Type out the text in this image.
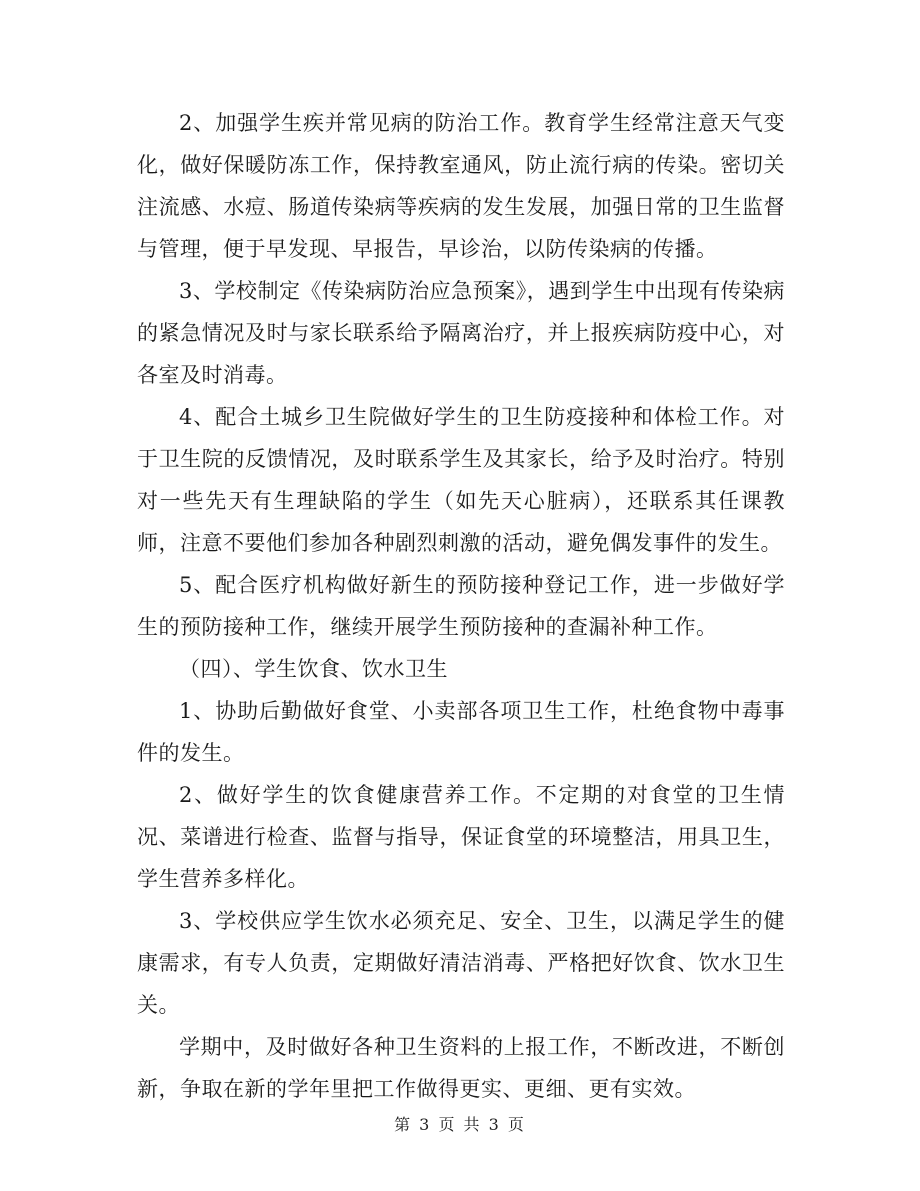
2、加强学生疾并常见病的防治工作。教育学生经常注意天气变化，做好保暖防冻工作，保持教室通风，防止流行病的传染。密切关注流感、水痘、肠道传染病等疾病的发生发展，加强日常的卫生监督与管理，便于早发现、早报告，早诊治，以防传染病的传播。

3、学校制定《传染病防治应急预案》，遇到学生中出现有传染病的紧急情况及时与家长联系给予隔离治疗，并上报疾病防疫中心，对各室及时消毒。

4、配合土城乡卫生院做好学生的卫生防疫接种和体检工作。对于卫生院的反馈情况，及时联系学生及其家长，给予及时治疗。特别对一些先天有生理缺陷的学生（如先天心脏病），还联系其任课教师，注意不要他们参加各种剧烈刺激的活动，避免偶发事件的发生。

5、配合医疗机构做好新生的预防接种登记工作，进一步做好学生的预防接种工作，继续开展学生预防接种的查漏补种工作。

（四）、学生饮食、饮水卫生

1、协助后勤做好食堂、小卖部各项卫生工作，杜绝食物中毒事件的发生。

2、做好学生的饮食健康营养工作。不定期的对食堂的卫生情况、菜谱进行检查、监督与指导，保证食堂的环境整洁，用具卫生，学生营养多样化。

3、学校供应学生饮水必须充足、安全、卫生，以满足学生的健康需求，有专人负责，定期做好清洁消毒、严格把好饮食、饮水卫生关。

学期中，及时做好各种卫生资料的上报工作，不断改进，不断创新，争取在新的学年里把工作做得更实、更细、更有实效。

第 3 页 共 3 页
